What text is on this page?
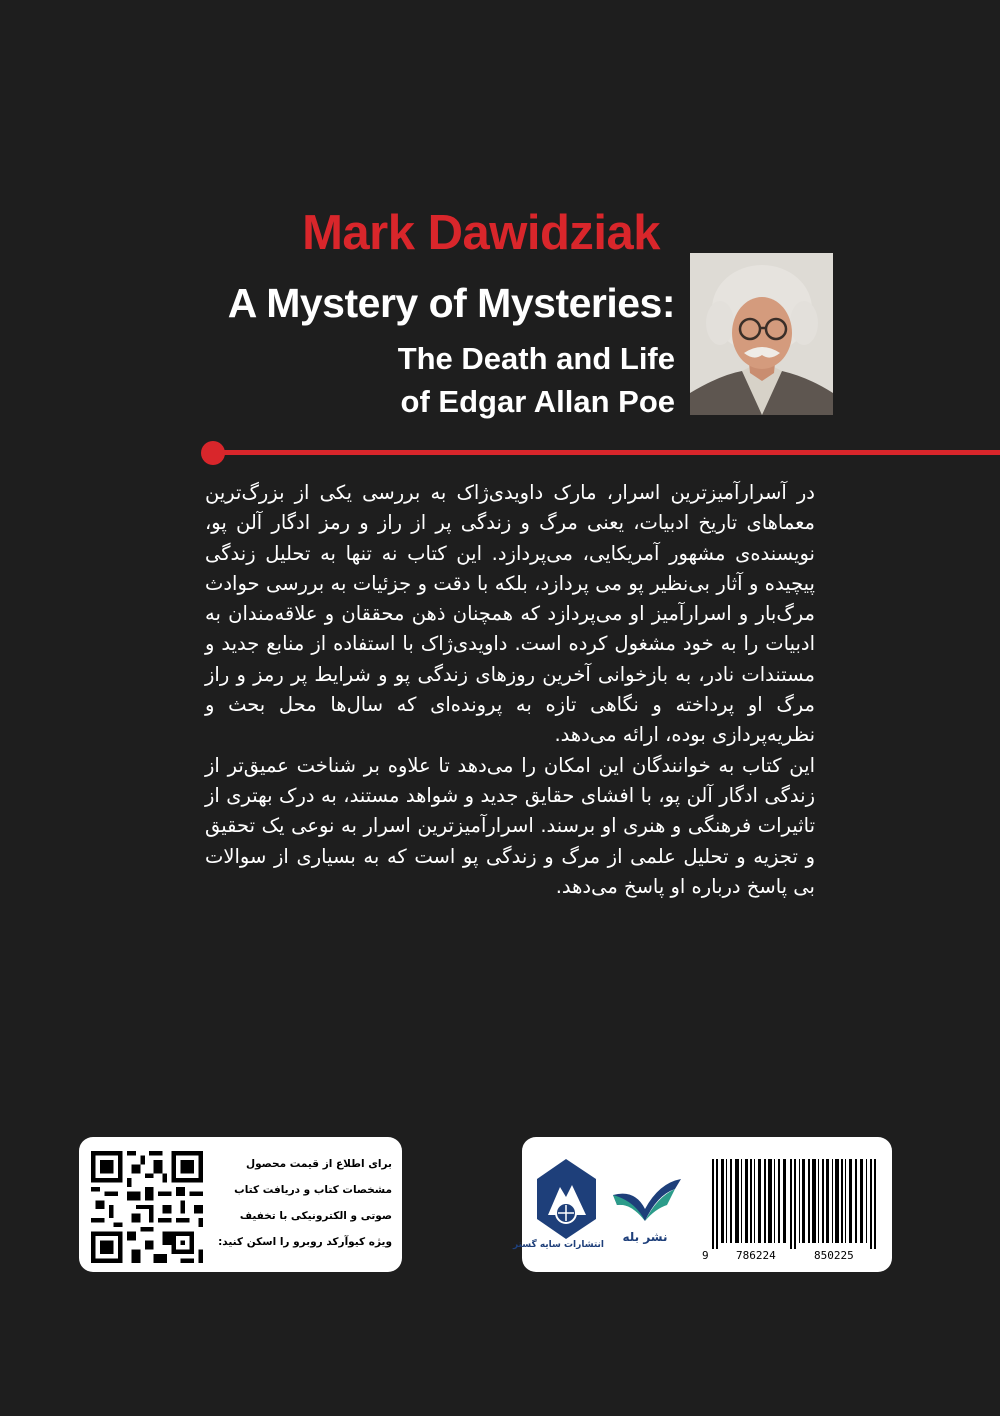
Mark Dawidziak
A Mystery of Mysteries:
The Death and Life
of Edgar Allan Poe

در آسرارآمیزترین اسرار، مارک داویدی‌ژاک به بررسی یکی از بزرگ‌ترین معماهای تاریخ ادبیات، یعنی مرگ و زندگی پر از راز و رمز ادگار آلن پو، نویسنده‌ی مشهور آمریکایی، می‌پردازد. این کتاب نه تنها به تحلیل زندگی پیچیده و آثار بی‌نظیر پو می پردازد، بلکه با دقت و جزئیات به بررسی حوادث مرگ‌بار و اسرارآمیز او می‌پردازد که همچنان ذهن محققان و علاقه‌مندان به ادبیات را به خود مشغول کرده است. داویدی‌ژاک با استفاده از منابع جدید و مستندات نادر، به بازخوانی آخرین روزهای زندگی پو و شرایط پر رمز و راز مرگ او پرداخته و نگاهی تازه به پرونده‌ای که سال‌ها محل بحث و نظریه‌پردازی بوده، ارائه می‌دهد.

این کتاب به خوانندگان این امکان را می‌دهد تا علاوه بر شناخت عمیق‌تر از زندگی ادگار آلن پو، با افشای حقایق جدید و شواهد مستند، به درک بهتری از تاثیرات فرهنگی و هنری او برسند. اسرارآمیزترین اسرار به نوعی یک تحقیق و تجزیه و تحلیل علمی از مرگ و زندگی پو است که به بسیاری از سوالات بی پاسخ درباره او پاسخ می‌دهد.

برای اطلاع از قیمت محصول
مشخصات کتاب و دریافت کتاب
صوتی و الکترونیکی با تخفیف
ویژه کیوآرکد روبرو را اسکن کنید:	انتشارات سایه گستر
نشر بله
9 786224	850225
